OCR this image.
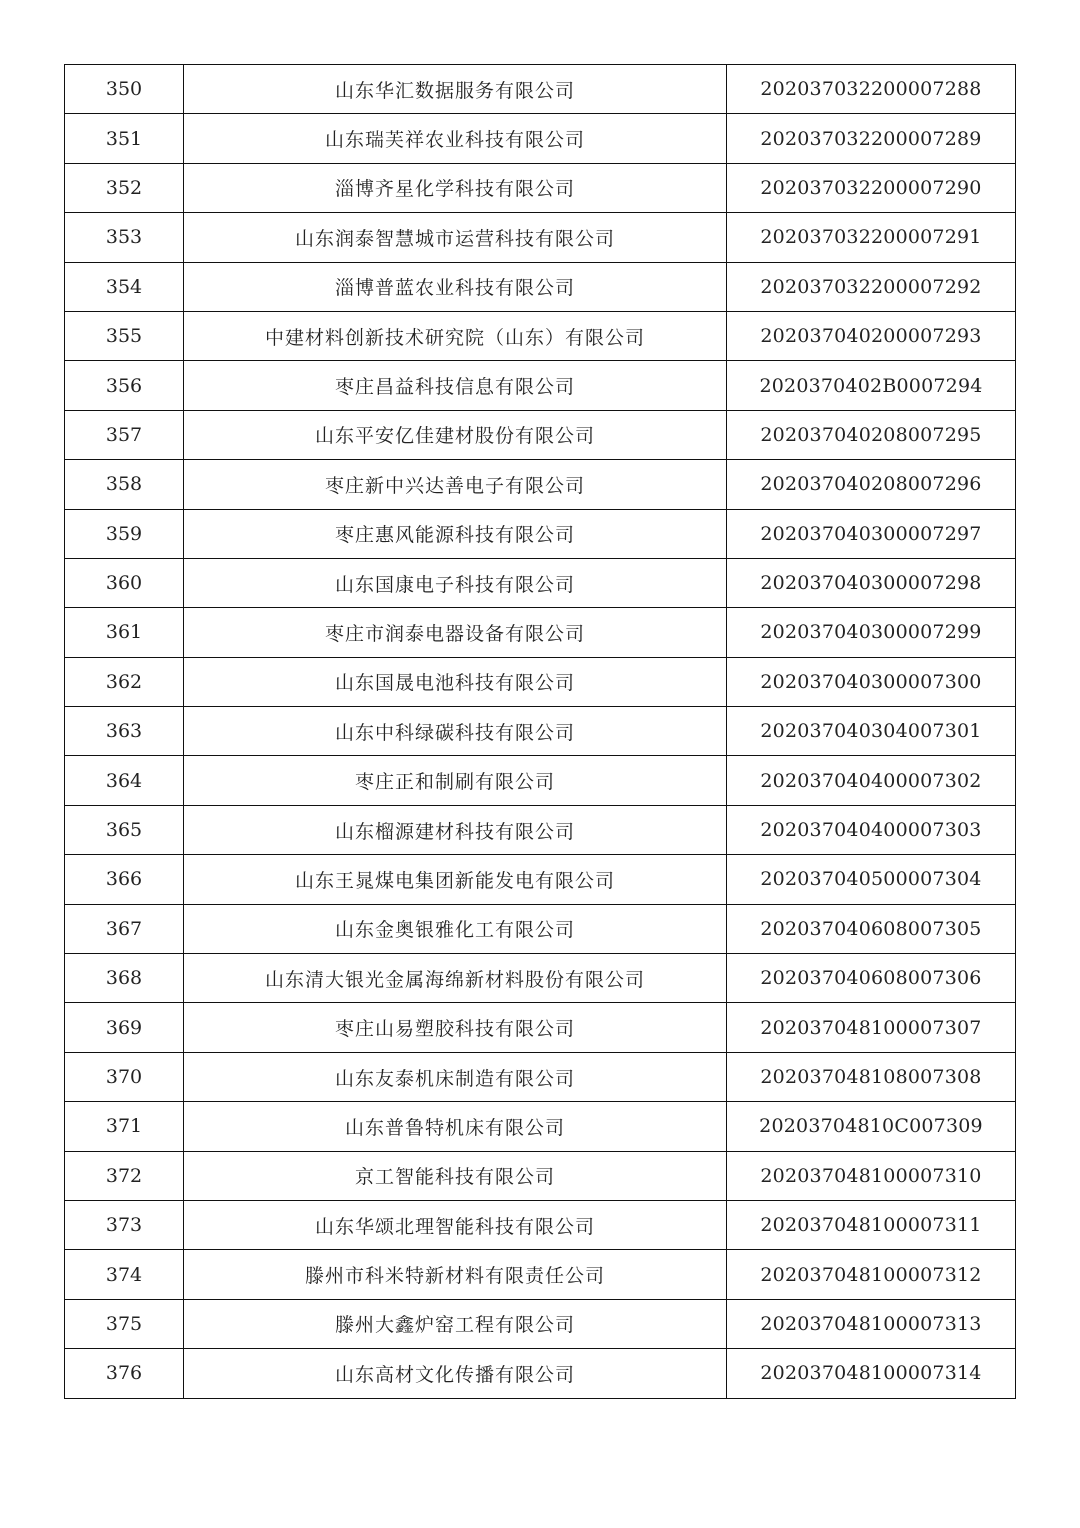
350	山东华汇数据服务有限公司	202037032200007288
351	山东瑞芙祥农业科技有限公司	202037032200007289
352	淄博齐星化学科技有限公司	202037032200007290
353	山东润泰智慧城市运营科技有限公司	202037032200007291
354	淄博普蓝农业科技有限公司	202037032200007292
355	中建材料创新技术研究院（山东）有限公司	202037040200007293
356	枣庄昌益科技信息有限公司	2020370402B0007294
357	山东平安亿佳建材股份有限公司	202037040208007295
358	枣庄新中兴达善电子有限公司	202037040208007296
359	枣庄惠风能源科技有限公司	202037040300007297
360	山东国康电子科技有限公司	202037040300007298
361	枣庄市润泰电器设备有限公司	202037040300007299
362	山东国晟电池科技有限公司	202037040300007300
363	山东中科绿碳科技有限公司	202037040304007301
364	枣庄正和制刷有限公司	202037040400007302
365	山东榴源建材科技有限公司	202037040400007303
366	山东王晁煤电集团新能发电有限公司	202037040500007304
367	山东金奥银雅化工有限公司	202037040608007305
368	山东清大银光金属海绵新材料股份有限公司	202037040608007306
369	枣庄山易塑胶科技有限公司	202037048100007307
370	山东友泰机床制造有限公司	202037048108007308
371	山东普鲁特机床有限公司	20203704810C007309
372	京工智能科技有限公司	202037048100007310
373	山东华颂北理智能科技有限公司	202037048100007311
374	滕州市科米特新材料有限责任公司	202037048100007312
375	滕州大鑫炉窑工程有限公司	202037048100007313
376	山东高材文化传播有限公司	202037048100007314
